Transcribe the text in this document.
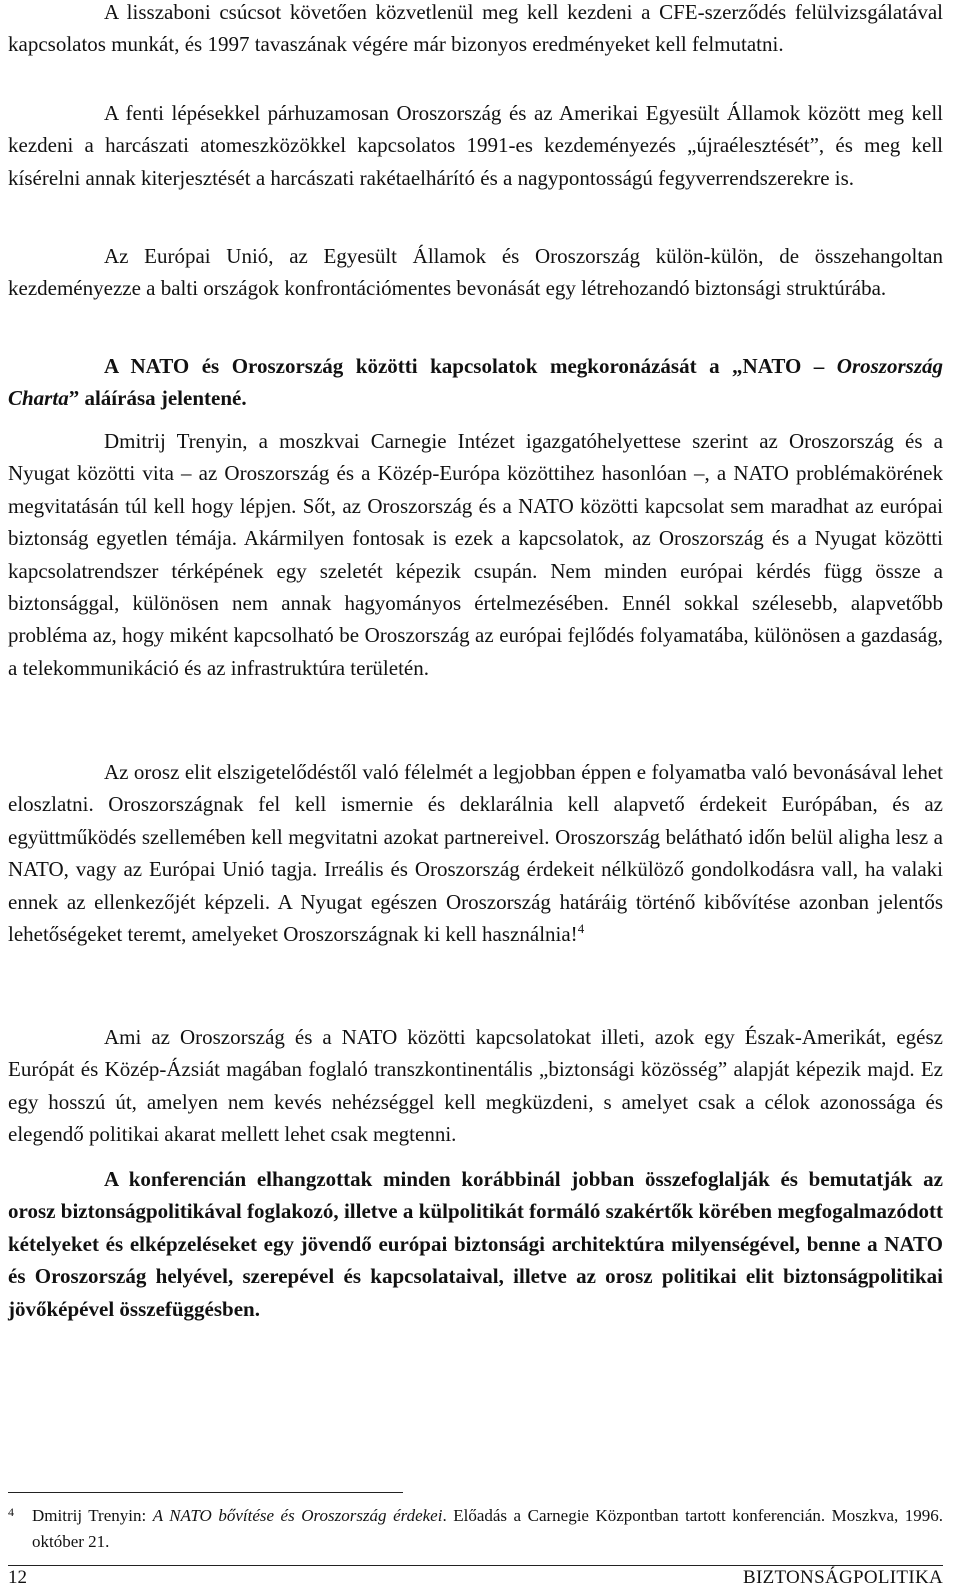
A lisszaboni csúcsot követően közvetlenül meg kell kezdeni a CFE-szerződés felülvizsgálatával kapcsolatos munkát, és 1997 tavaszának végére már bizonyos eredményeket kell felmutatni.

A fenti lépésekkel párhuzamosan Oroszország és az Amerikai Egyesült Államok között meg kell kezdeni a harcászati atomeszközökkel kapcsolatos 1991-es kezdeményezés „újraélesztését”, és meg kell kísérelni annak kiterjesztését a harcászati rakétaelhárító és a nagypontosságú fegyverrendszerekre is.

Az Európai Unió, az Egyesült Államok és Oroszország külön-külön, de összehangoltan kezdeményezze a balti országok konfrontációmentes bevonását egy létrehozandó biztonsági struktúrába.

A NATO és Oroszország közötti kapcsolatok megkoronázását a „NATO – Oroszország Charta” aláírása jelentené.

Dmitrij Trenyin, a moszkvai Carnegie Intézet igazgatóhelyettese szerint az Oroszország és a Nyugat közötti vita – az Oroszország és a Közép-Európa közöttihez hasonlóan –, a NATO problémakörének megvitatásán túl kell hogy lépjen. Sőt, az Oroszország és a NATO közötti kapcsolat sem maradhat az európai biztonság egyetlen témája. Akármilyen fontosak is ezek a kapcsolatok, az Oroszország és a Nyugat közötti kapcsolatrendszer térképének egy szeletét képezik csupán. Nem minden európai kérdés függ össze a biztonsággal, különösen nem annak hagyományos értelmezésében. Ennél sokkal szélesebb, alapvetőbb probléma az, hogy miként kapcsolható be Oroszország az európai fejlődés folyamatába, különösen a gazdaság, a telekommunikáció és az infrastruktúra területén.

Az orosz elit elszigetelődéstől való félelmét a legjobban éppen e folyamatba való bevonásával lehet eloszlatni. Oroszországnak fel kell ismernie és deklarálnia kell alapvető érdekeit Európában, és az együttműködés szellemében kell megvitatni azokat partnereivel. Oroszország belátható időn belül aligha lesz a NATO, vagy az Európai Unió tagja. Irreális és Oroszország érdekeit nélkülöző gondolkodásra vall, ha valaki ennek az ellenkezőjét képzeli. A Nyugat egészen Oroszország határáig történő kibővítése azonban jelentős lehetőségeket teremt, amelyeket Oroszországnak ki kell használnia!$^4$

Ami az Oroszország és a NATO közötti kapcsolatokat illeti, azok egy Észak-Amerikát, egész Európát és Közép-Ázsiát magában foglaló transzkontinentális „biztonsági közösség” alapját képezik majd. Ez egy hosszú út, amelyen nem kevés nehézséggel kell megküzdeni, s amelyet csak a célok azonossága és elegendő politikai akarat mellett lehet csak megtenni.

A konferencián elhangzottak minden korábbinál jobban összefoglalják és bemutatják az orosz biztonságpolitikával foglakozó, illetve a külpolitikát formáló szakértők körében megfogalmazódott kételyeket és elképzeléseket egy jövendő európai biztonsági architektúra milyenségével, benne a NATO és Oroszország helyével, szerepével és kapcsolataival, illetve az orosz politikai elit biztonságpolitikai jövőképével összefüggésben.

4	Dmitrij Trenyin: A NATO bővítése és Oroszország érdekei. Előadás a Carnegie Központban tartott konferencián. Moszkva, 1996. október 21.

12	BIZTONSÁGPOLITIKA
